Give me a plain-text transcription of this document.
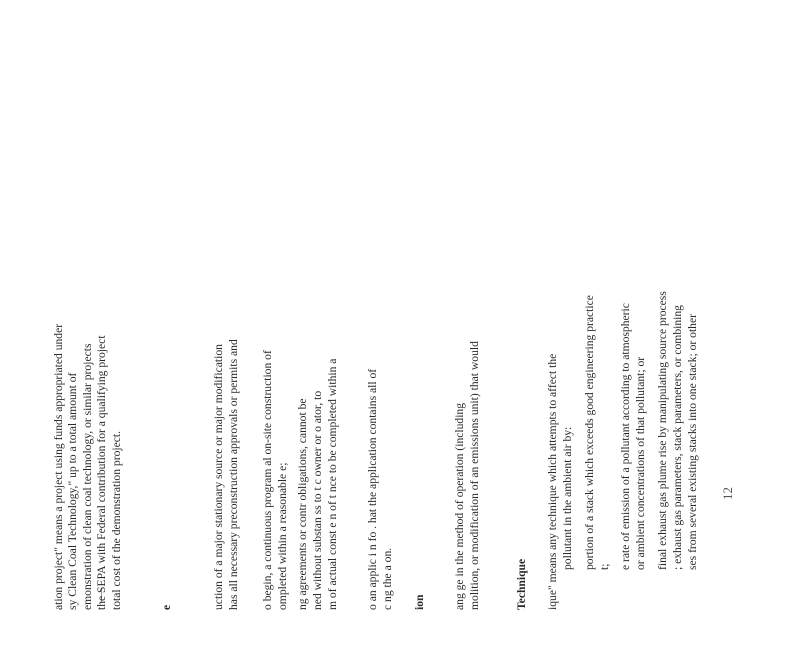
ation project" means a project using funds appropriated under sy Clean Coal Technology," up to a total amount of emonstration of clean coal technology, or similar projects the SEPA with Federal contribution for a qualifying project total cost of the demonstration project.	e	uction of a major stationary source or major modification has all necessary preconstruction approvals or permits and o begin, a continuous program al on-site construction of ompleted within a reasonable e; ng agreements or contr obligations, cannot be ned without substan ss to t c owner or o ator, to m of actual const e n of t nce to be completed within a o an applic i n fo . hat the application contains all of c ng the a on. ion ang ge in the method of operation (including molition, or modification of an emissions unit) that would	Technique ique" means any technique which attempts to affect the pollutant in the ambient air by: portion of a stack which exceeds good engineering practice t; e rate of emission of a pollutant according to atmospheric or ambient concentrations of that pollutant; or final exhaust gas plume rise by manipulating source process ; exhaust gas parameters, stack parameters, or combining ses from several existing stacks into one stack; or other 12
